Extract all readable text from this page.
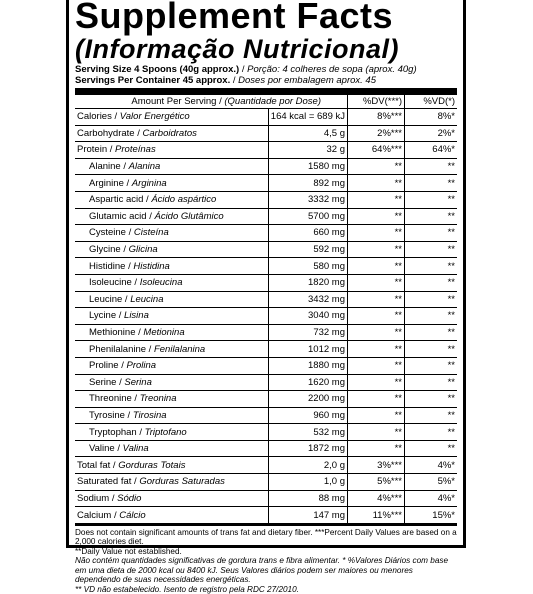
Supplement Facts
(Informação Nutricional)
Serving Size 4 Spoons (40g approx.) / Porção: 4 colheres de sopa (aprox. 40g)
Servings Per Container 45 approx. / Doses por embalagem aprox. 45
Amount Per Serving / (Quantidade por Dose)		%DV(***)	%VD(*)
Calories / Valor Energético	164 kcal = 689 kJ	8%***	8%*
Carbohydrate / Carboidratos	4,5 g	2%***	2%*
Protein / Proteínas	32 g	64%***	64%*
Alanine / Alanina	1580 mg	**	**
Arginine / Arginina	892 mg	**	**
Aspartic acid / Ácido aspártico	3332 mg	**	**
Glutamic acid / Ácido Glutâmico	5700 mg	**	**
Cysteine / Cisteína	660 mg	**	**
Glycine / Glicina	592 mg	**	**
Histidine / Histidina	580 mg	**	**
Isoleucine / Isoleucina	1820 mg	**	**
Leucine / Leucina	3432 mg	**	**
Lycine / Lisina	3040 mg	**	**
Methionine / Metionina	732 mg	**	**
Phenilalanine / Fenilalanina	1012 mg	**	**
Proline / Prolina	1880 mg	**	**
Serine / Serina	1620 mg	**	**
Threonine / Treonina	2200 mg	**	**
Tyrosine / Tirosina	960 mg	**	**
Tryptophan / Triptofano	532 mg	**	**
Valine / Valina	1872 mg	**	**
Total fat / Gorduras Totais	2,0 g	3%***	4%*
Saturated fat / Gorduras Saturadas	1,0 g	5%***	5%*
Sodium / Sódio	88 mg	4%***	4%*
Calcium / Cálcio	147 mg	11%***	15%*

Does not contain significant amounts of trans fat and dietary fiber. ***Percent Daily Values are based on a 2,000 calories diet.

**Daily Value not established.

Não contém quantidades significativas de gordura trans e fibra alimentar. * %Valores Diários com base em uma dieta de 2000 kcal ou 8400 kJ. Seus Valores diários podem ser maiores ou menores dependendo de suas necessidades energéticas.

** VD não estabelecido. Isento de registro pela RDC 27/2010.
